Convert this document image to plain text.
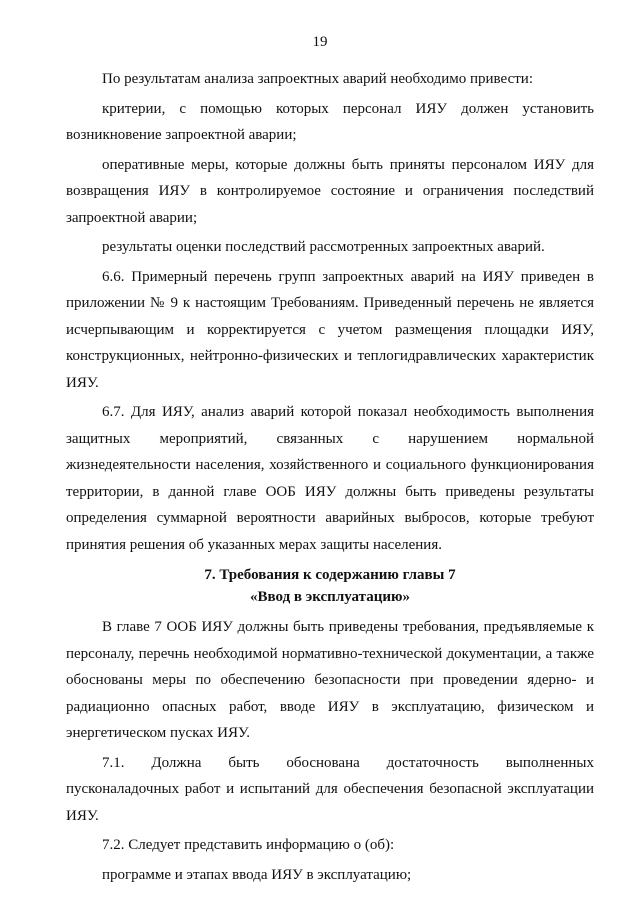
19

По результатам анализа запроектных аварий необходимо привести:

критерии, с помощью которых персонал ИЯУ должен установить возникновение запроектной аварии;

оперативные меры, которые должны быть приняты персоналом ИЯУ для возвращения ИЯУ в контролируемое состояние и ограничения последствий запроектной аварии;

результаты оценки последствий рассмотренных запроектных аварий.

6.6. Примерный перечень групп запроектных аварий на ИЯУ приведен в приложении № 9 к настоящим Требованиям. Приведенный перечень не является исчерпывающим и корректируется с учетом размещения площадки ИЯУ, конструкционных, нейтронно-физических и теплогидравлических характеристик ИЯУ.

6.7. Для ИЯУ, анализ аварий которой показал необходимость выполнения защитных мероприятий, связанных с нарушением нормальной жизнедеятельности населения, хозяйственного и социального функционирования территории, в данной главе ООБ ИЯУ должны быть приведены результаты определения суммарной вероятности аварийных выбросов, которые требуют принятия решения об указанных мерах защиты населения.

7. Требования к содержанию главы 7
«Ввод в эксплуатацию»

В главе 7 ООБ ИЯУ должны быть приведены требования, предъявляемые к персоналу, перечнь необходимой нормативно-технической документации, а также обоснованы меры по обеспечению безопасности при проведении ядерно- и радиационно опасных работ, вводе ИЯУ в эксплуатацию, физическом и энергетическом пусках ИЯУ.

7.1. Должна быть обоснована достаточность выполненных пусконаладочных работ и испытаний для обеспечения безопасной эксплуатации ИЯУ.

7.2. Следует представить информацию о (об):

программе и этапах ввода ИЯУ в эксплуатацию;
